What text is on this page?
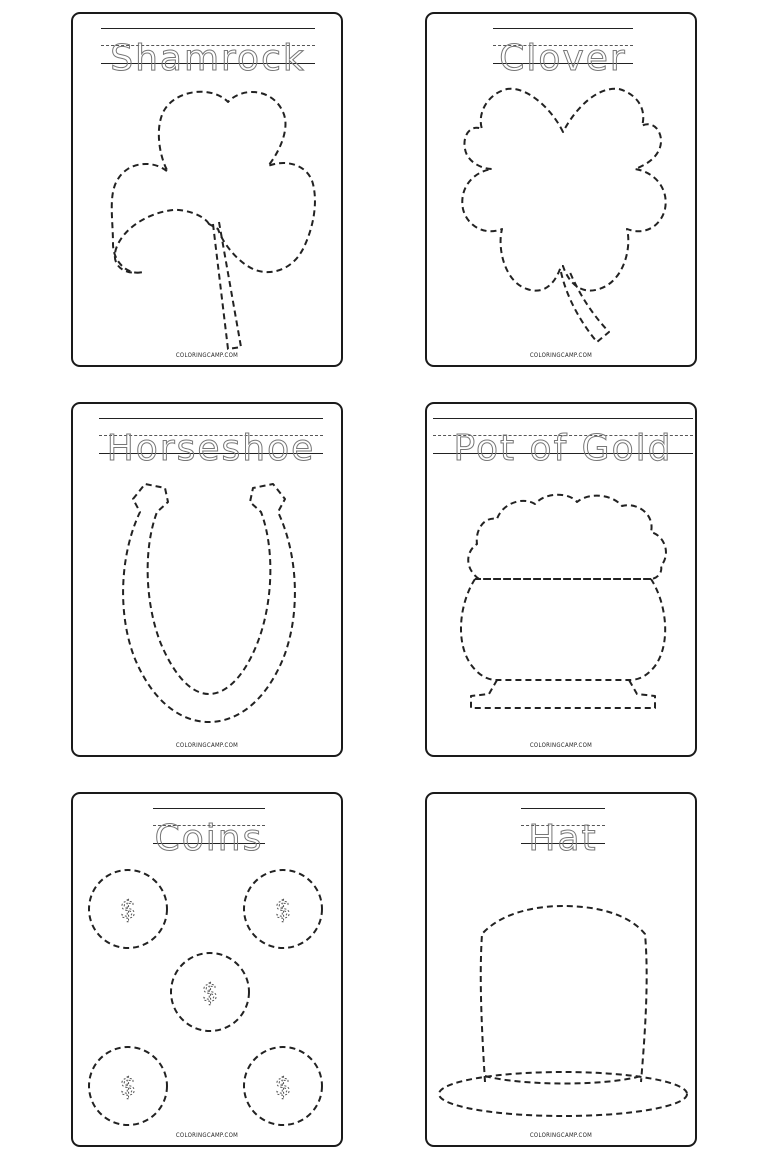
Shamrock
COLORINGCAMP.COM
Clover
COLORINGCAMP.COM
Horseshoe
COLORINGCAMP.COM
Pot of Gold
COLORINGCAMP.COM
Coins
$	$
$
$	$
COLORINGCAMP.COM
Hat
COLORINGCAMP.COM
